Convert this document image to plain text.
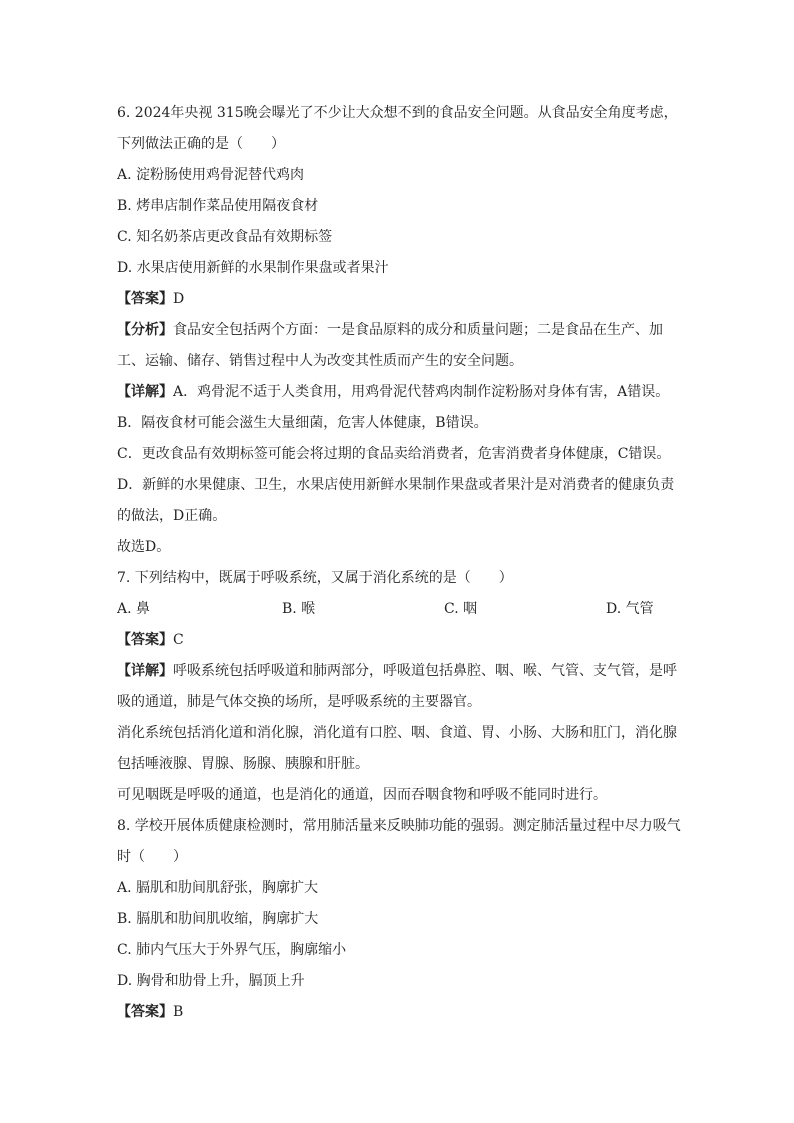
6. 2024年央视 315晚会曝光了不少让大众想不到的食品安全问题。从食品安全角度考虑，
下列做法正确的是（　　）
A. 淀粉肠使用鸡骨泥替代鸡肉
B. 烤串店制作菜品使用隔夜食材
C. 知名奶茶店更改食品有效期标签
D. 水果店使用新鲜的水果制作果盘或者果汁
【答案】D
【分析】食品安全包括两个方面：一是食品原料的成分和质量问题；二是食品在生产、加
工、运输、储存、销售过程中人为改变其性质而产生的安全问题。
【详解】A．鸡骨泥不适于人类食用，用鸡骨泥代替鸡肉制作淀粉肠对身体有害，A错误。
B．隔夜食材可能会滋生大量细菌，危害人体健康，B错误。
C．更改食品有效期标签可能会将过期的食品卖给消费者，危害消费者身体健康，C错误。
D．新鲜的水果健康、卫生，水果店使用新鲜水果制作果盘或者果汁是对消费者的健康负责
的做法，D正确。
故选D。
7. 下列结构中，既属于呼吸系统，又属于消化系统的是（　　）
A. 鼻	B. 喉	C. 咽	D. 气管
【答案】C
【详解】呼吸系统包括呼吸道和肺两部分，呼吸道包括鼻腔、咽、喉、气管、支气管，是呼
吸的通道，肺是气体交换的场所，是呼吸系统的主要器官。
消化系统包括消化道和消化腺，消化道有口腔、咽、食道、胃、小肠、大肠和肛门，消化腺
包括唾液腺、胃腺、肠腺、胰腺和肝脏。
可见咽既是呼吸的通道，也是消化的通道，因而吞咽食物和呼吸不能同时进行。
8. 学校开展体质健康检测时，常用肺活量来反映肺功能的强弱。测定肺活量过程中尽力吸气
时（　　）
A. 膈肌和肋间肌舒张，胸廓扩大
B. 膈肌和肋间肌收缩，胸廓扩大
C. 肺内气压大于外界气压，胸廓缩小
D. 胸骨和肋骨上升，膈顶上升
【答案】B
